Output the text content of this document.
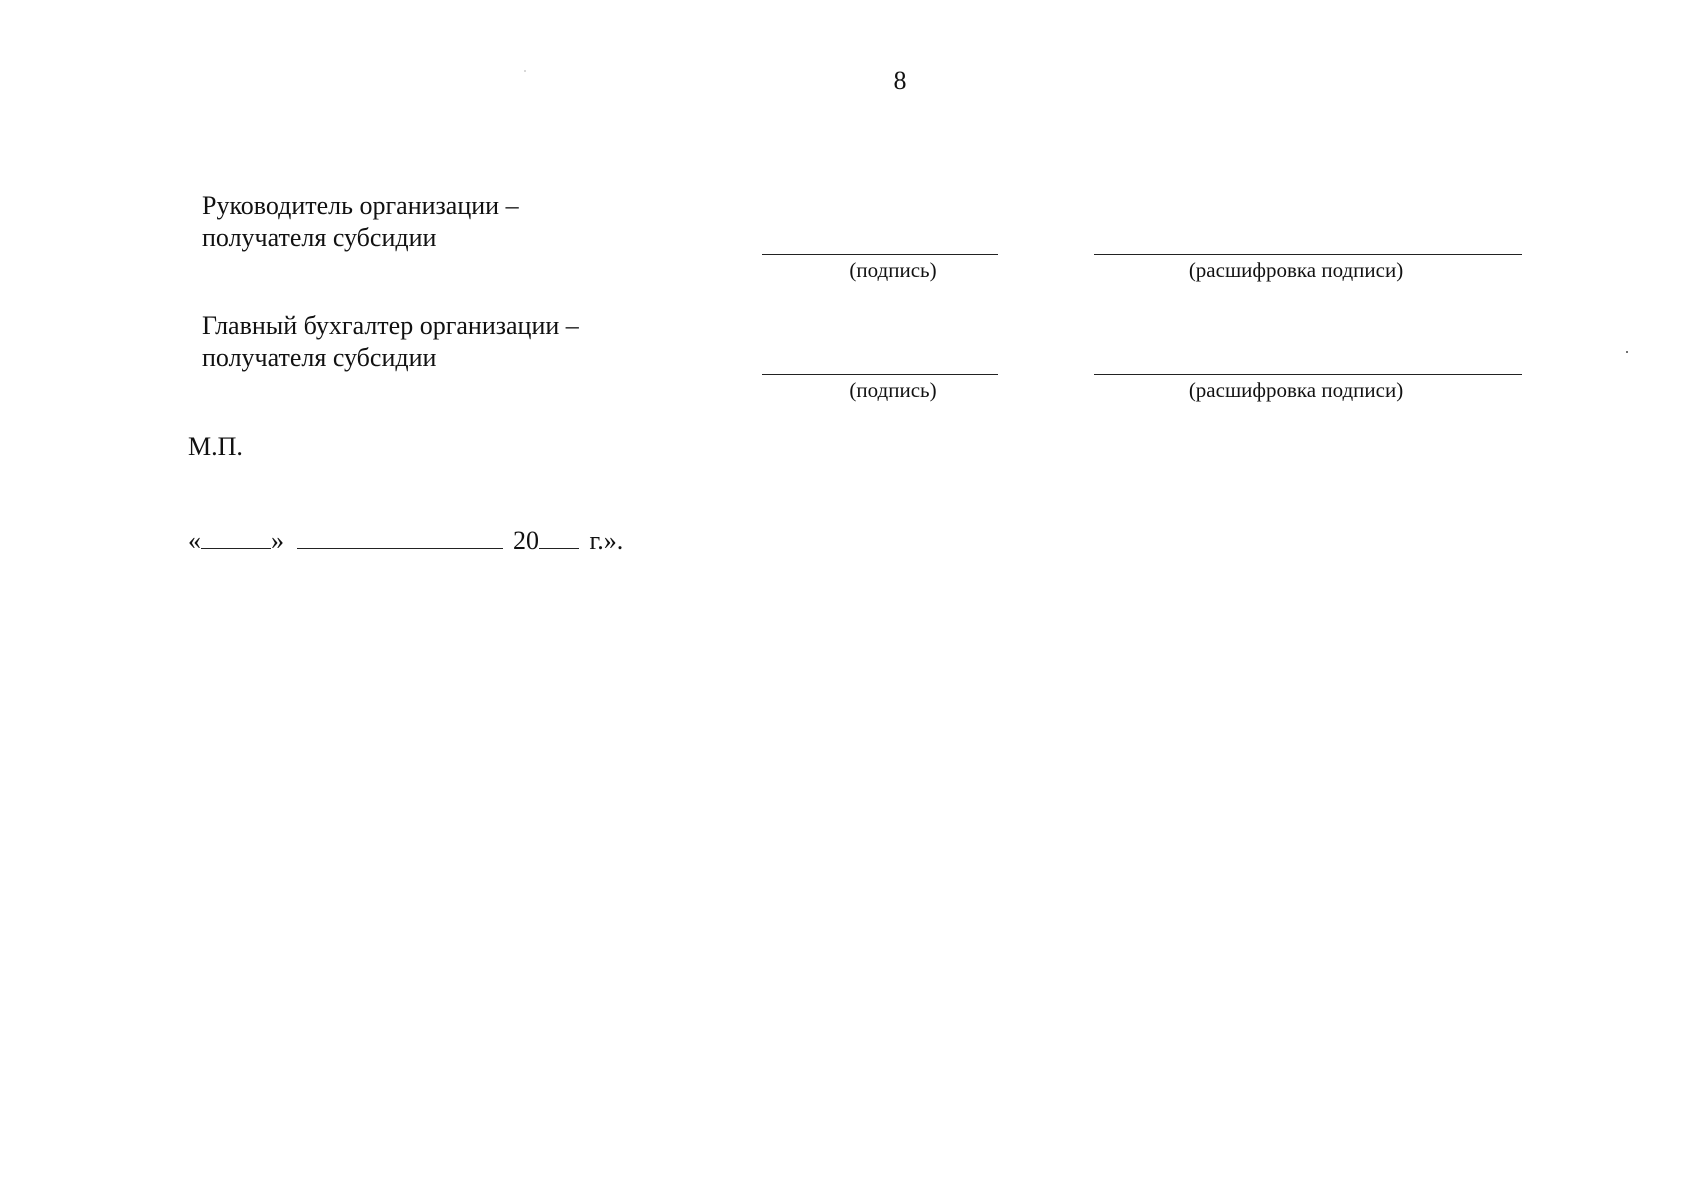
8
Руководитель организации –
получателя субсидии
(подпись)	(расшифровка подписи)
Главный бухгалтер организации –
получателя субсидии
(подпись)	(расшифровка подписи)
М.П.
«	»	20 г.».
